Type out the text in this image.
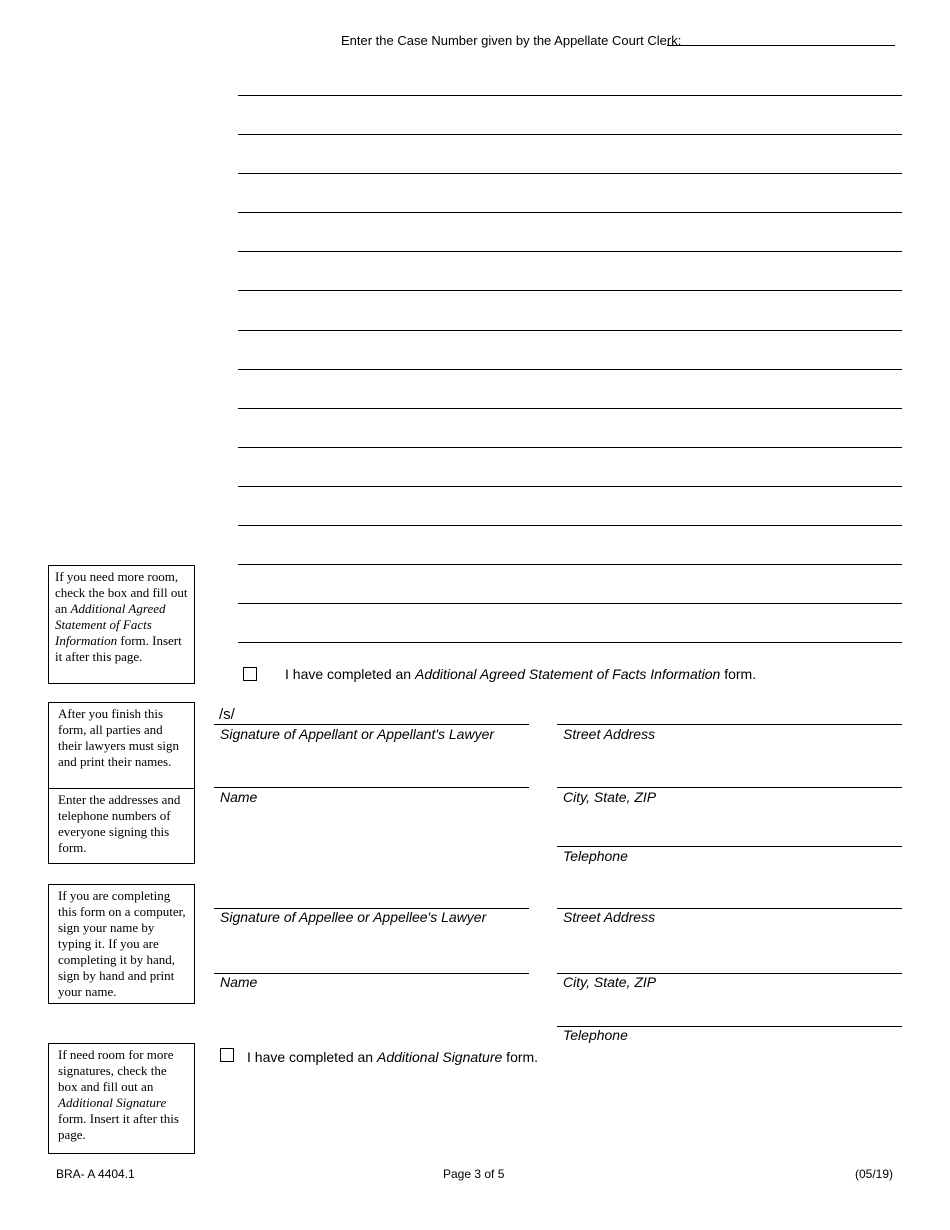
Enter the Case Number given by the Appellate Court Clerk:
If you need more room, check the box and fill out an Additional Agreed Statement of Facts Information form. Insert it after this page.
After you finish this form, all parties and their lawyers must sign and print their names.
Enter the addresses and telephone numbers of everyone signing this form.
If you are completing this form on a computer, sign your name by typing it. If you are completing it by hand, sign by hand and print your name.
If need room for more signatures, check the box and fill out an Additional Signature form. Insert it after this page.
I have completed an Additional Agreed Statement of Facts Information form.
/s/
Signature of Appellant or Appellant's Lawyer	Street Address
Name	City, State, ZIP
Telephone
Signature of Appellee or Appellee's Lawyer	Street Address
Name	City, State, ZIP
Telephone
I have completed an Additional Signature form.
BRA- A 4404.1	Page 3 of 5	(05/19)
